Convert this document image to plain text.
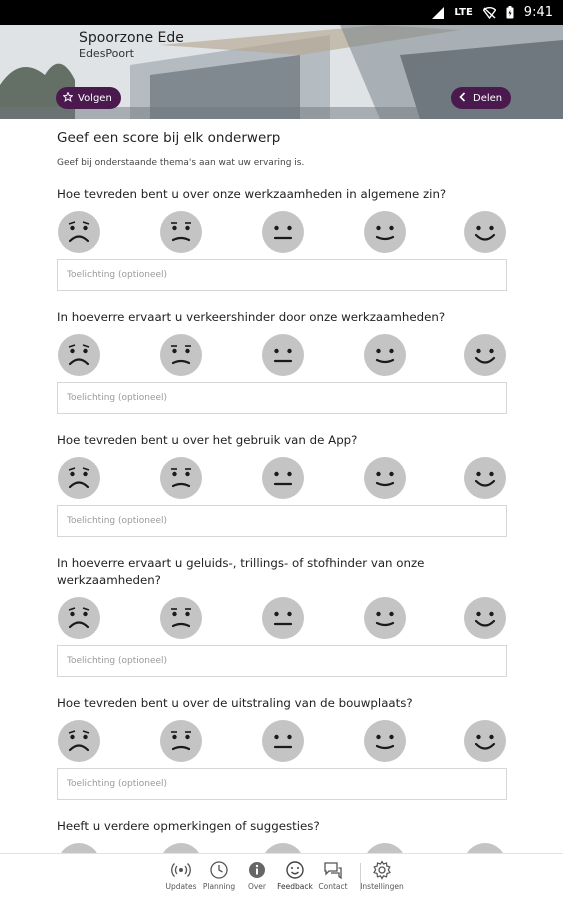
LTE	9:41
Spoorzone Ede
EdesPoort
Volgen	Delen
Geef een score bij elk onderwerp
Geef bij onderstaande thema's aan wat uw ervaring is.
Hoe tevreden bent u over onze werkzaamheden in algemene zin?
Toelichting (optioneel)
In hoeverre ervaart u verkeershinder door onze werkzaamheden?
Toelichting (optioneel)
Hoe tevreden bent u over het gebruik van de App?
Toelichting (optioneel)
In hoeverre ervaart u geluids-, trillings- of stofhinder van onze werkzaamheden?
Toelichting (optioneel)
Hoe tevreden bent u over de uitstraling van de bouwplaats?
Toelichting (optioneel)
Heeft u verdere opmerkingen of suggesties?
Updates Planning Over Feedback Contact Instellingen
